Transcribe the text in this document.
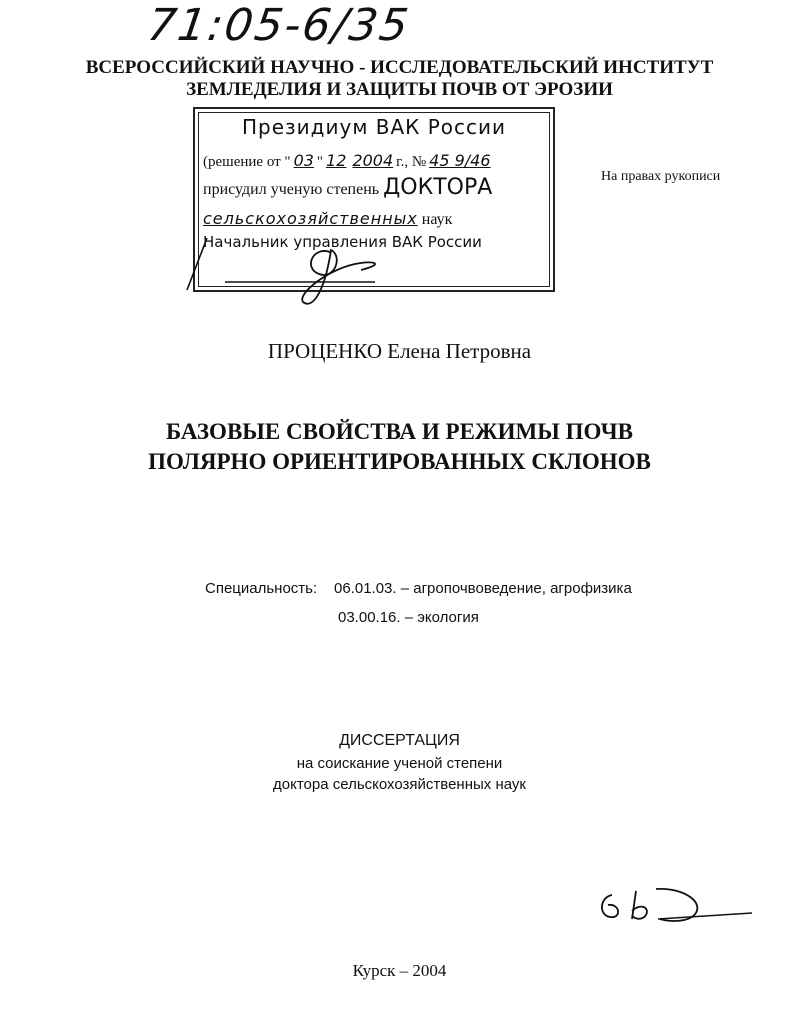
71:05-6/35
ВСЕРОССИЙСКИЙ НАУЧНО - ИССЛЕДОВАТЕЛЬСКИЙ ИНСТИТУТ
ЗЕМЛЕДЕЛИЯ И ЗАЩИТЫ ПОЧВ ОТ ЭРОЗИИ
Президиум ВАК России
(решение от " 03 " 12 2004 г., № 45 9/46
присудил ученую степень ДОКТОРА
сельскохозяйственных наук
Начальник управления ВАК России
На правах рукописи
ПРОЦЕНКО Елена Петровна
БАЗОВЫЕ СВОЙСТВА И РЕЖИМЫ ПОЧВ
ПОЛЯРНО ОРИЕНТИРОВАННЫХ СКЛОНОВ
Специальность: 06.01.03. – агропочвоведение, агрофизика
03.00.16. – экология
ДИССЕРТАЦИЯ
на соискание ученой степени
доктора сельскохозяйственных наук
Курск – 2004
